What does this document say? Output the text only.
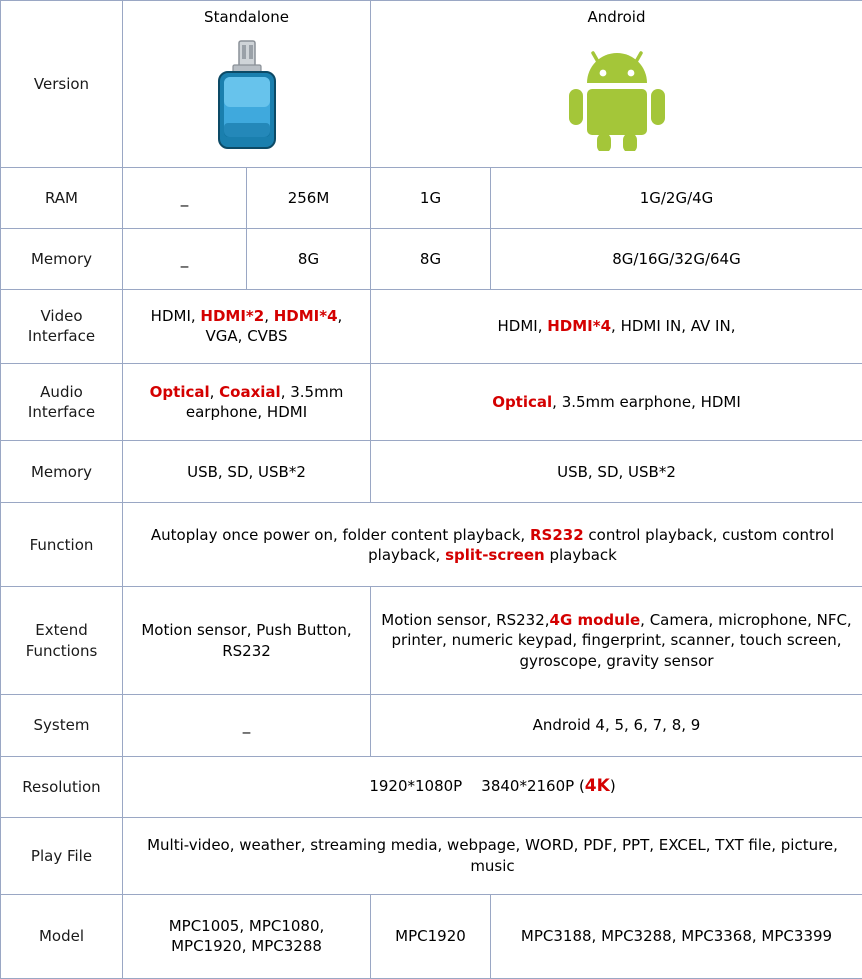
Version	Standalone		Android	

RAM	_	256M	1G	1G/2G/4G
Memory	_	8G	8G	8G/16G/32G/64G
Video Interface	HDMI, HDMI*2, HDMI*4, VGA, CVBS		HDMI, HDMI*4, HDMI IN, AV IN,	
Audio Interface	Optical, Coaxial, 3.5mm earphone, HDMI		Optical, 3.5mm earphone, HDMI	
Memory	USB, SD, USB*2		USB, SD, USB*2	
Function	Autoplay once power on, folder content playback, RS232 control playback, custom control playback, split-screen playback			
Extend Functions	Motion sensor, Push Button, RS232		Motion sensor, RS232,4G module, Camera, microphone, NFC, printer, numeric keypad, fingerprint, scanner, touch screen, gyroscope, gravity sensor	
System	_		Android 4, 5, 6, 7, 8, 9	
Resolution	1920*1080P    3840*2160P (4K)			
Play File	Multi-video, weather, streaming media, webpage, WORD, PDF, PPT, EXCEL, TXT file, picture, music			
Model	MPC1005, MPC1080, MPC1920, MPC3288		MPC1920	MPC3188, MPC3288, MPC3368, MPC3399
